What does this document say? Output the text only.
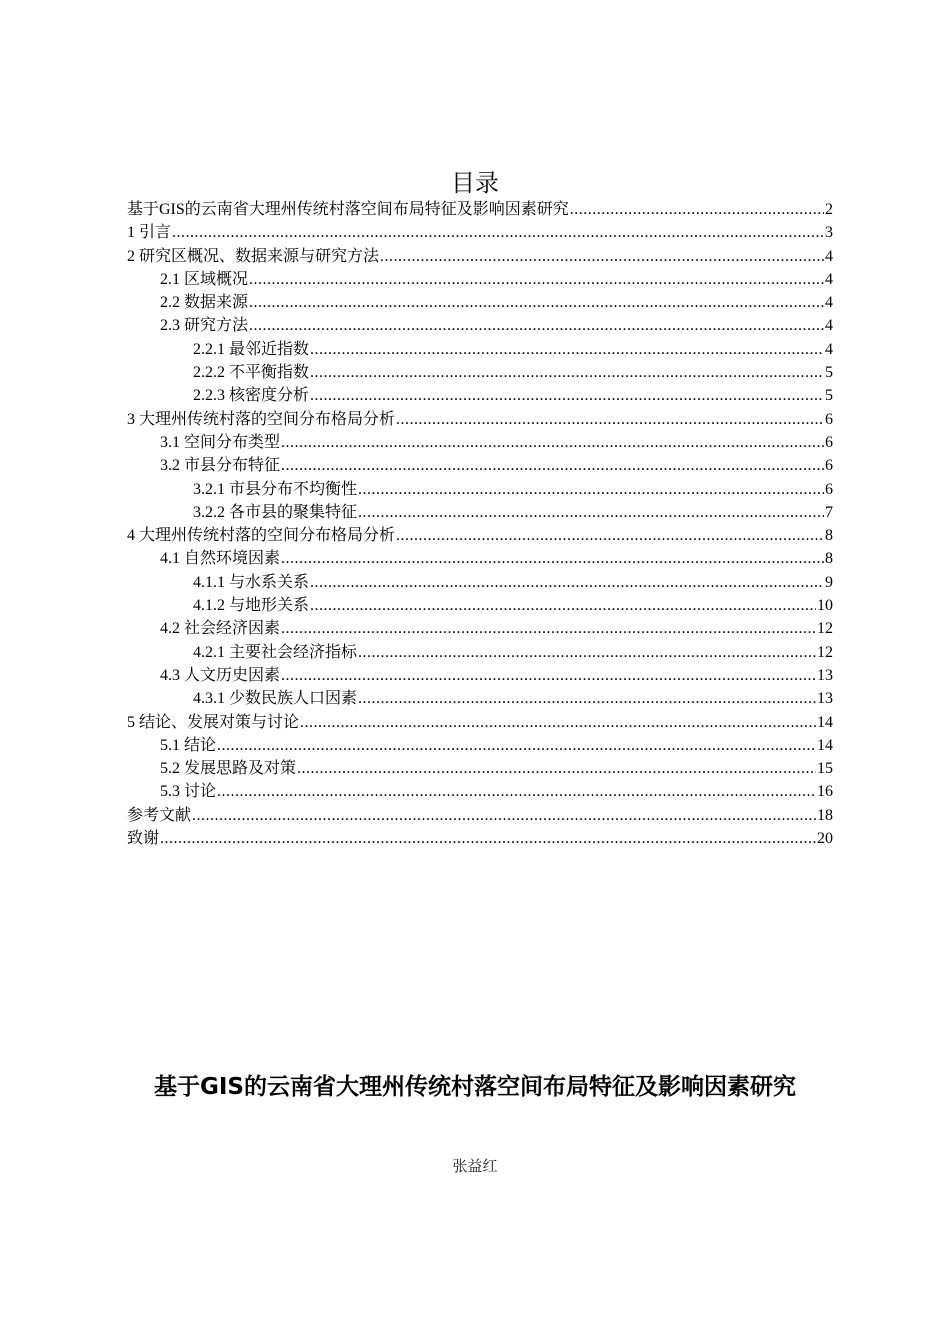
目录
基于GIS的云南省大理州传统村落空间布局特征及影响因素研究 .....	2
1 引言 .....	3
2 研究区概况、数据来源与研究方法 .....	4
2.1 区域概况 .....	4
2.2 数据来源 .....	4
2.3 研究方法 .....	4
2.2.1 最邻近指数 .....	4
2.2.2 不平衡指数 .....	5
2.2.3 核密度分析 .....	5
3 大理州传统村落的空间分布格局分析 .....	6
3.1 空间分布类型 .....	6
3.2 市县分布特征 .....	6
3.2.1 市县分布不均衡性 .....	6
3.2.2 各市县的聚集特征 .....	7
4 大理州传统村落的空间分布格局分析 .....	8
4.1 自然环境因素 .....	8
4.1.1 与水系关系 .....	9
4.1.2 与地形关系 .....	10
4.2 社会经济因素 .....	12
4.2.1 主要社会经济指标 .....	12
4.3 人文历史因素 .....	13
4.3.1 少数民族人口因素 .....	13
5 结论、发展对策与讨论 .....	14
5.1 结论 .....	14
5.2 发展思路及对策 .....	15
5.3 讨论 .....	16
参考文献 .....	18
致谢 .....	20
基于GIS的云南省大理州传统村落空间布局特征及影响因素研究
张益红
